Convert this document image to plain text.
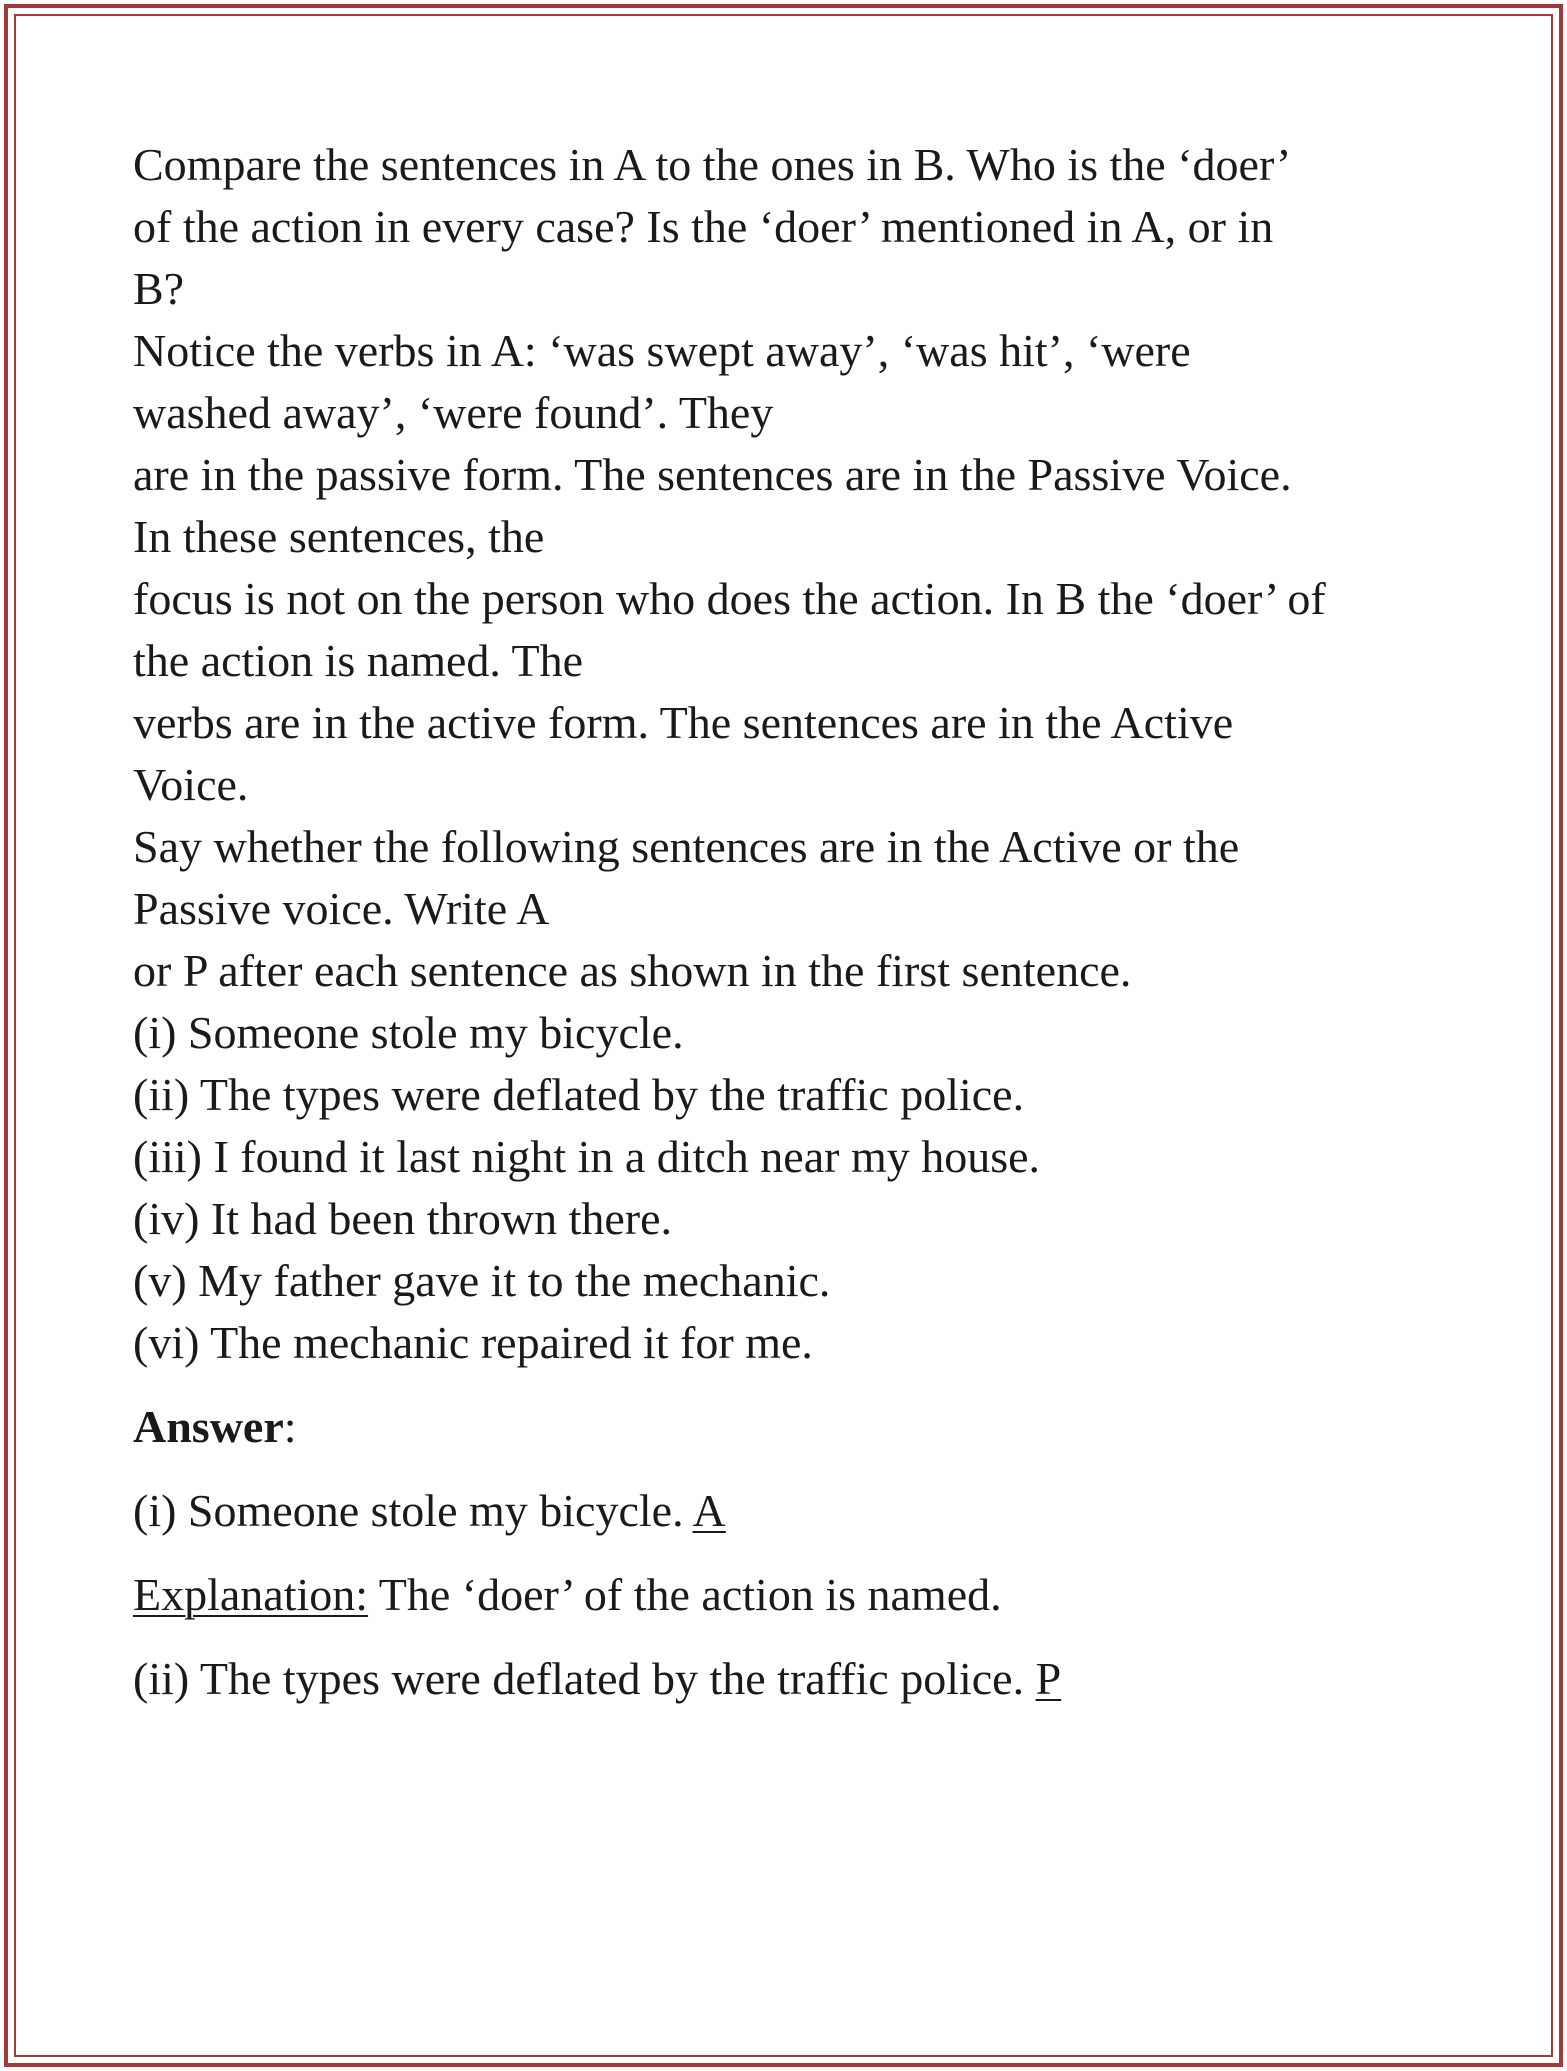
Compare the sentences in A to the ones in B. Who is the ‘doer’
of the action in every case? Is the ‘doer’ mentioned in A, or in
B?
Notice the verbs in A: ‘was swept away’, ‘was hit’, ‘were
washed away’, ‘were found’. They
are in the passive form. The sentences are in the Passive Voice.
In these sentences, the
focus is not on the person who does the action. In B the ‘doer’ of
the action is named. The
verbs are in the active form. The sentences are in the Active
Voice.
Say whether the following sentences are in the Active or the
Passive voice. Write A
or P after each sentence as shown in the first sentence.
(i) Someone stole my bicycle.
(ii) The types were deflated by the traffic police.
(iii) I found it last night in a ditch near my house.
(iv) It had been thrown there.
(v) My father gave it to the mechanic.
(vi) The mechanic repaired it for me.
Answer:
(i) Someone stole my bicycle. A
Explanation: The ‘doer’ of the action is named.
(ii) The types were deflated by the traffic police. P
